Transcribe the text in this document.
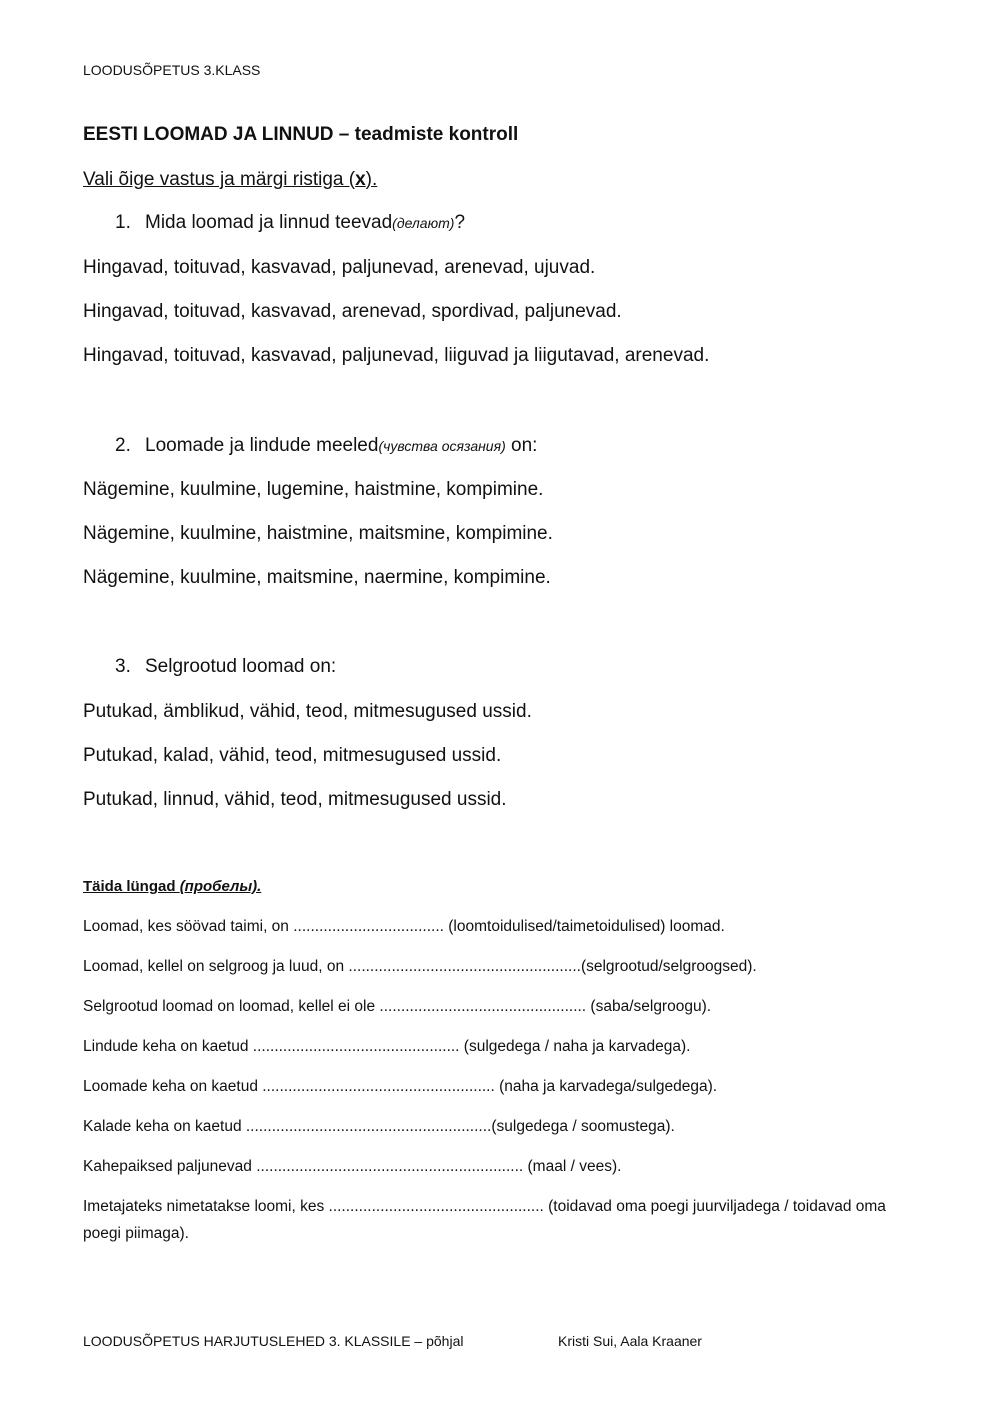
LOODUSÕPETUS 3.KLASS
EESTI LOOMAD JA LINNUD – teadmiste kontroll
Vali õige vastus ja märgi ristiga (x).
1. Mida loomad ja linnud teevad(делают)?
Hingavad, toituvad, kasvavad, paljunevad, arenevad, ujuvad.
Hingavad, toituvad, kasvavad, arenevad, spordivad, paljunevad.
Hingavad, toituvad, kasvavad, paljunevad, liiguvad ja liigutavad, arenevad.
2. Loomade ja lindude meeled(чувства осязания) on:
Nägemine, kuulmine, lugemine, haistmine, kompimine.
Nägemine, kuulmine, haistmine, maitsmine, kompimine.
Nägemine, kuulmine, maitsmine, naermine, kompimine.
3. Selgrootud loomad on:
Putukad, ämblikud, vähid, teod, mitmesugused ussid.
Putukad, kalad, vähid, teod, mitmesugused ussid.
Putukad, linnud, vähid, teod, mitmesugused ussid.
Täida lüngad (пробелы).
Loomad, kes söövad taimi, on ................................... (loomtoidulised/taimetoidulised) loomad.
Loomad, kellel on selgroog ja luud, on ......................................................(selgrootud/selgroogsed).
Selgrootud loomad on loomad, kellel ei ole ................................................ (saba/selgroogu).
Lindude keha on kaetud ................................................ (sulgedega / naha ja karvadega).
Loomade keha on kaetud ...................................................... (naha ja karvadega/sulgedega).
Kalade keha on kaetud .........................................................(sulgedega / soomustega).
Kahepaiksed paljunevad .............................................................. (maal / vees).
Imetajateks nimetatakse loomi, kes .................................................. (toidavad oma poegi juurviljadega / toidavad oma poegi piimaga).
LOODUSÕPETUS HARJUTUSLEHED 3. KLASSILE – põhjal	Kristi Sui, Aala Kraaner
